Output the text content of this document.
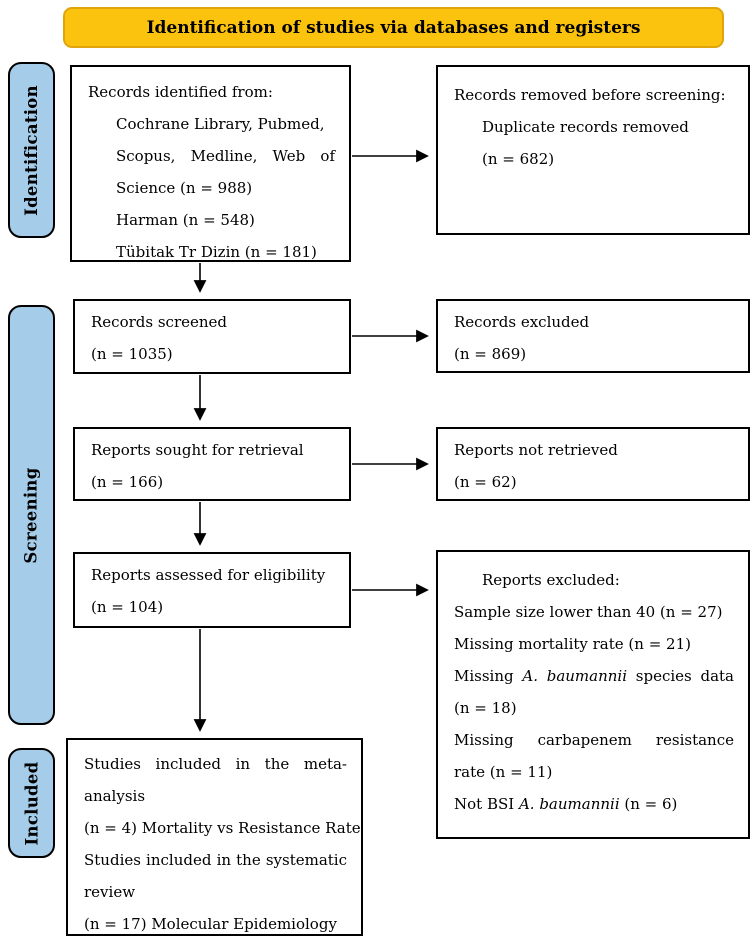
Identification of studies via databases and registers
Identification
Screening
Included
Records identified from:
Cochrane Library, Pubmed,
Scopus, Medline, Web of
Science (n = 988)
Harman (n = 548)
Tübitak Tr Dizin (n = 181)
Records removed before screening:
Duplicate records removed
(n = 682)
Records screened
(n = 1035)
Records excluded
(n = 869)
Reports sought for retrieval
(n = 166)
Reports not retrieved
(n = 62)
Reports assessed for eligibility
(n = 104)
Reports excluded:
Sample size lower than 40 (n = 27)
Missing mortality rate (n = 21)
Missing A. baumannii species data
(n = 18)
Missing carbapenem resistance
rate (n = 11)
Not BSI A. baumannii (n = 6)
Studies included in the meta-
analysis
(n = 4) Mortality vs Resistance Rate
Studies included in the systematic
review
(n = 17) Molecular Epidemiology
